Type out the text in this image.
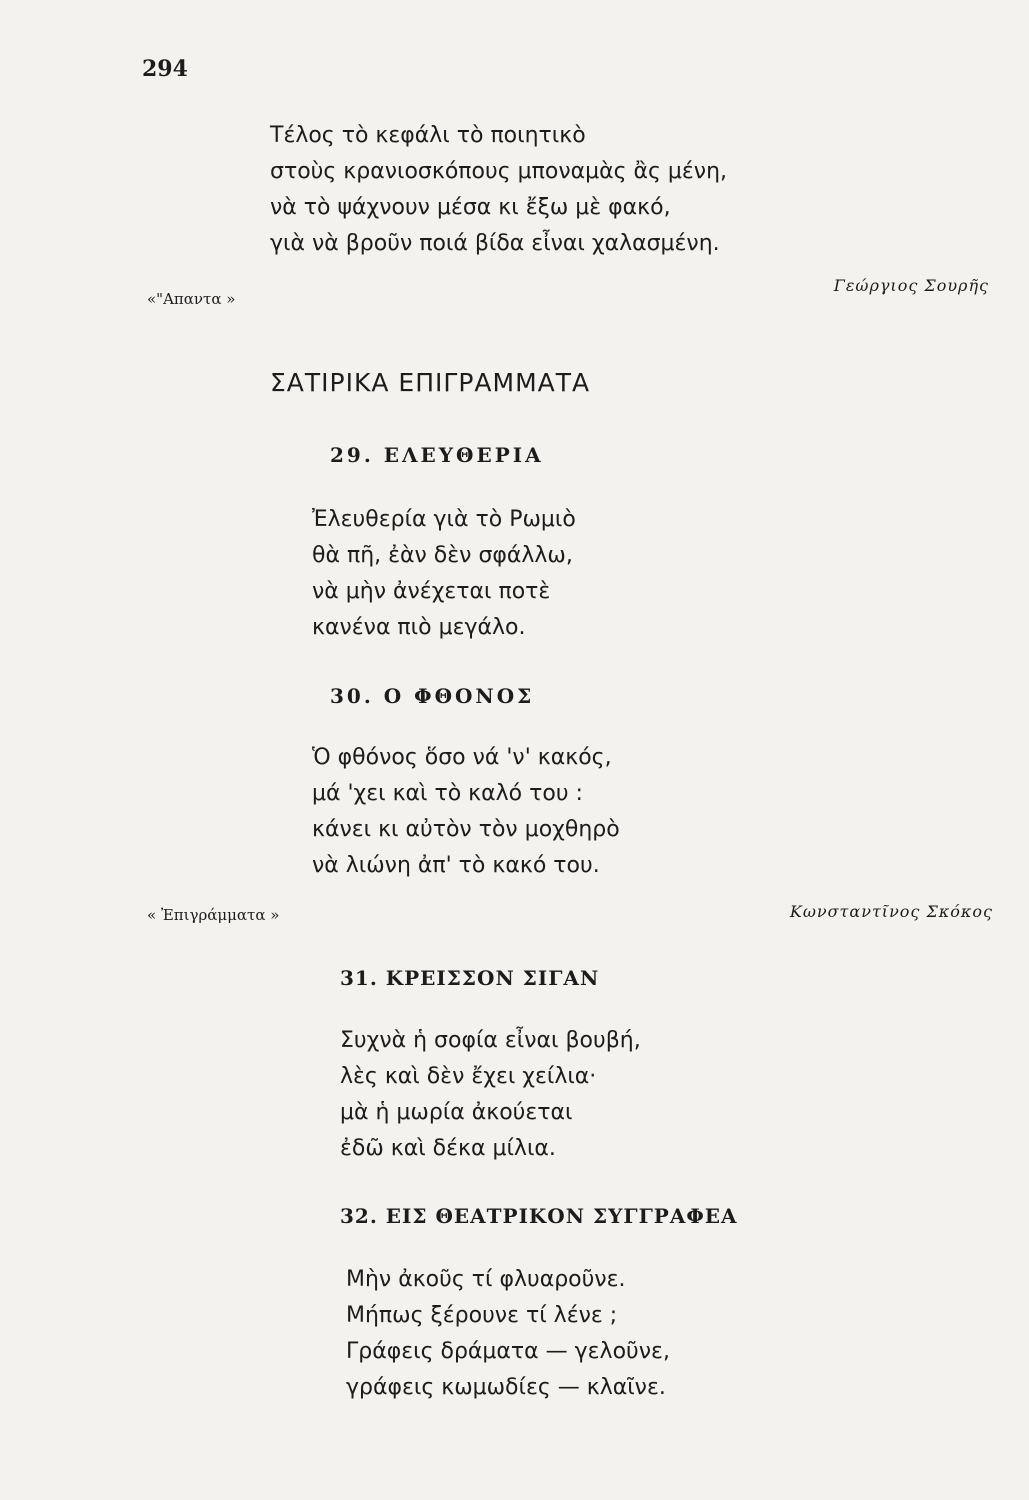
294
Τέλος τὸ κεφάλι τὸ ποιητικὸ
στοὺς κρανιοσκόπους μποναμὰς ἂς μένη,
νὰ τὸ ψάχνουν μέσα κι ἔξω μὲ φακό,
γιὰ νὰ βροῦν ποιά βίδα εἶναι χαλασμένη.
«"Απαντα »
Γεώργιος Σουρῆς
ΣΑΤΙΡΙΚΑ ΕΠΙΓΡΑΜΜΑΤΑ
29. ΕΛΕΥΘΕΡΙΑ
Ἐλευθερία γιὰ τὸ Ρωμιὸ
θὰ πῆ, ἐὰν δὲν σφάλλω,
νὰ μὴν ἀνέχεται ποτὲ
κανένα πιὸ μεγάλο.
30. Ο ΦΘΟΝΟΣ
Ὁ φθόνος ὅσο νά 'ν' κακός,
μά 'χει καὶ τὸ καλό του :
κάνει κι αὐτὸν τὸν μοχθηρὸ
νὰ λιώνη ἀπ' τὸ κακό του.
« Ἐπιγράμματα »	Κωνσταντῖνος Σκόκος
31. ΚΡΕΙΣΣΟΝ ΣΙΓΑΝ
Συχνὰ ἡ σοφία εἶναι βουβή,
λὲς καὶ δὲν ἔχει χείλια·
μὰ ἡ μωρία ἀκούεται
ἐδῶ καὶ δέκα μίλια.
32. ΕΙΣ ΘΕΑΤΡΙΚΟΝ ΣΥΓΓΡΑΦΕΑ
Μὴν ἀκοῦς τί φλυαροῦνε.
Μήπως ξέρουνε τί λένε ;
Γράφεις δράματα — γελοῦνε,
γράφεις κωμωδίες — κλαῖνε.
